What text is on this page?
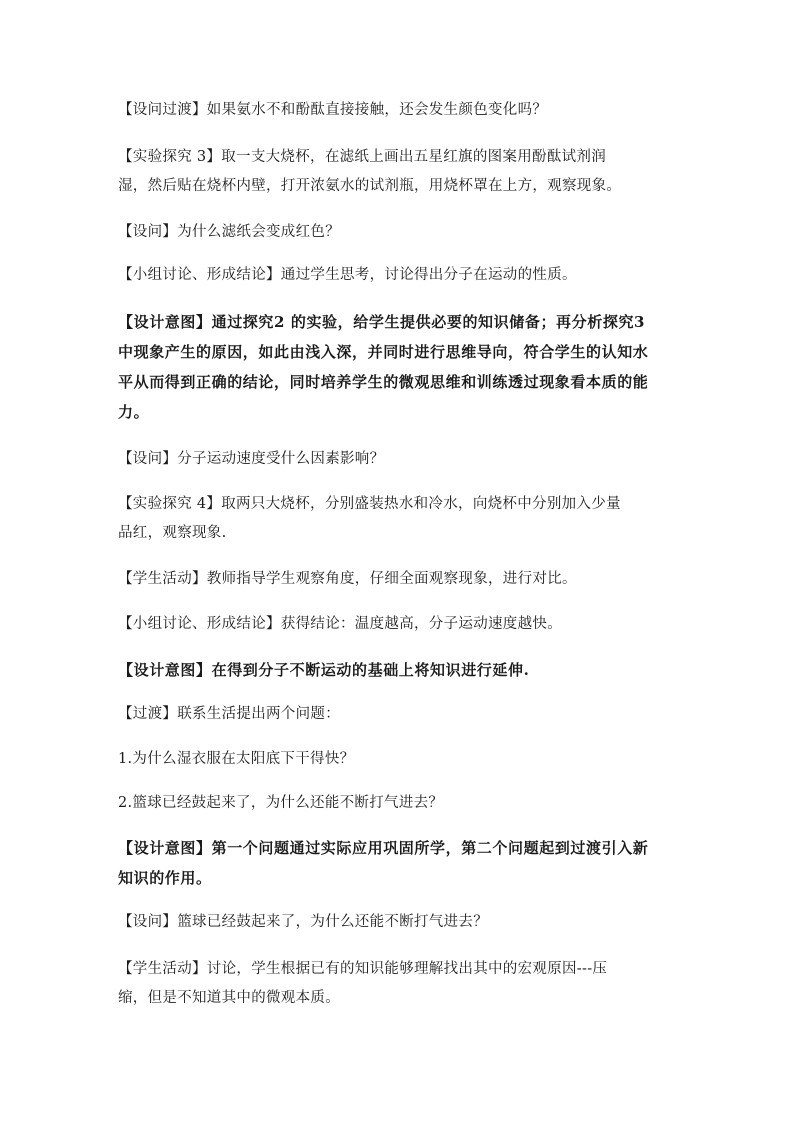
【设问过渡】如果氨水不和酚酞直接接触，还会发生颜色变化吗？

【实验探究 3】取一支大烧杯，在滤纸上画出五星红旗的图案用酚酞试剂润
湿，然后贴在烧杯内壁，打开浓氨水的试剂瓶，用烧杯罩在上方，观察现象。

【设问】为什么滤纸会变成红色？

【小组讨论、形成结论】通过学生思考，讨论得出分子在运动的性质。

【设计意图】通过探究2 的实验，给学生提供必要的知识储备；再分析探究3
中现象产生的原因，如此由浅入深，并同时进行思维导向，符合学生的认知水
平从而得到正确的结论，同时培养学生的微观思维和训练透过现象看本质的能
力。

【设问】分子运动速度受什么因素影响？

【实验探究 4】取两只大烧杯，分别盛装热水和冷水，向烧杯中分别加入少量
品红，观察现象.

【学生活动】教师指导学生观察角度，仔细全面观察现象，进行对比。

【小组讨论、形成结论】获得结论：温度越高，分子运动速度越快。

【设计意图】在得到分子不断运动的基础上将知识进行延伸.

【过渡】联系生活提出两个问题：

1.为什么湿衣服在太阳底下干得快？

2.篮球已经鼓起来了，为什么还能不断打气进去？

【设计意图】第一个问题通过实际应用巩固所学，第二个问题起到过渡引入新
知识的作用。

【设问】篮球已经鼓起来了，为什么还能不断打气进去？

【学生活动】讨论，学生根据已有的知识能够理解找出其中的宏观原因---压
缩，但是不知道其中的微观本质。
